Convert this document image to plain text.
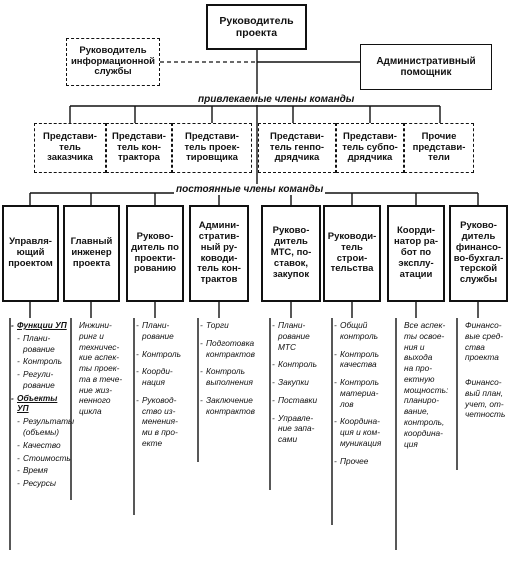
Руководитель
проекта
Руководитель
информационной
службы
Административный
помощник
привлекаемые члены команды
Представи-
тель
заказчика
Представи-
тель кон-
трактора
Представи-
тель проек-
тировщика
Представи-
тель генпо-
дрядчика
Представи-
тель субпо-
дрядчика
Прочие
представи-
тели
постоянные члены команды
Управля-
ющий
проектом
Главный
инженер
проекта
Руково-
дитель по
проекти-
рованию
Админи-
стратив-
ный ру-
ководи-
тель кон-
трактов
Руково-
дитель
МТС, по-
ставок,
закупок
Руководи-
тель
строи-
тельства
Коорди-
натор ра-
бот по
эксплу-
атации
Руково-
дитель
финансо-
во-бухгал-
терской
службы
- Функции УП
- Плани-
рование
- Контроль
- Регули-
рование
- Объекты УП
- Результаты
(объемы)
- Качество
- Стоимость
- Время
- Ресурсы
Инжини-
ринг и
техничес-
кие аспек-
ты проек-
та в тече-
ние жиз-
ненного
цикла
- Плани-
рование
- Контроль
- Коорди-
нация
- Руковод-
ство из-
менения-
ми в про-
екте
- Торги
- Подготовка
контрактов
- Контроль
выполнения
- Заключение
контрактов
- Плани-
рование
МТС
- Контроль
- Закупки
- Поставки
- Управле-
ние запа-
сами
- Общий
контроль
- Контроль
качества
- Контроль
материа-
лов
- Координа-
ция и ком-
муникация
- Прочее
Все аспек-
ты освое-
ния и
выхода
на про-
ектную
мощность:
планиро-
вание,
контроль,
координа-
ция
Финансо-
вые сред-
ства
проекта
Финансо-
вый план,
учет, от-
четность
